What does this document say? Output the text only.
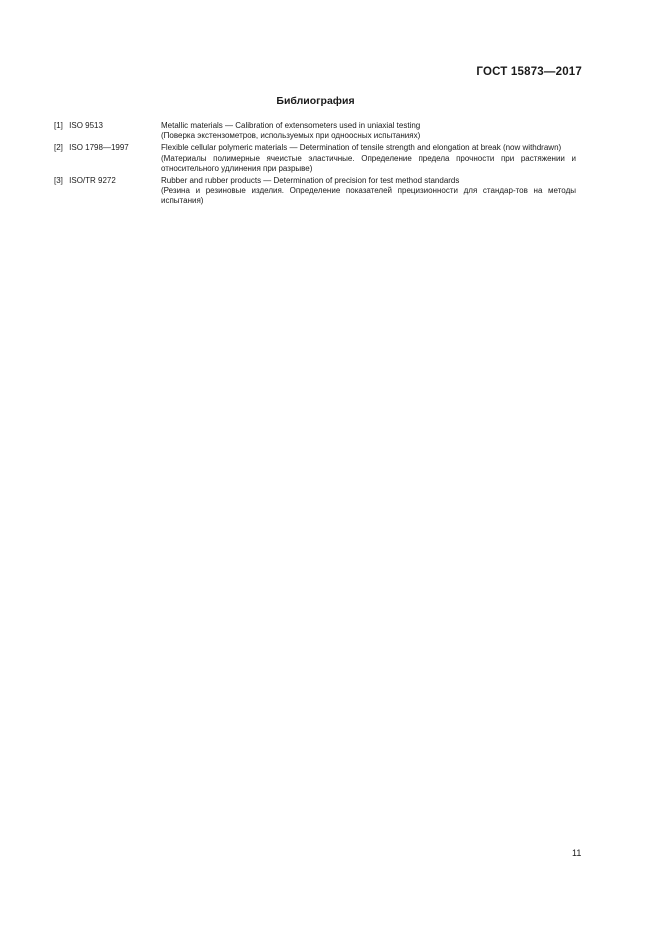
ГОСТ 15873—2017
Библиография
[1] ISO 9513	Metallic materials — Calibration of extensometers used in uniaxial testing
(Поверка экстензометров, используемых при одноосных испытаниях)
[2] ISO 1798—1997	Flexible cellular polymeric materials — Determination of tensile strength and elongation at break (now withdrawn)
(Материалы полимерные ячеистые эластичные. Определение предела прочности при растяжении и относительного удлинения при разрыве)
[3] ISO/TR 9272	Rubber and rubber products — Determination of precision for test method standards
(Резина и резиновые изделия. Определение показателей прецизионности для стандар-тов на методы испытания)
11
